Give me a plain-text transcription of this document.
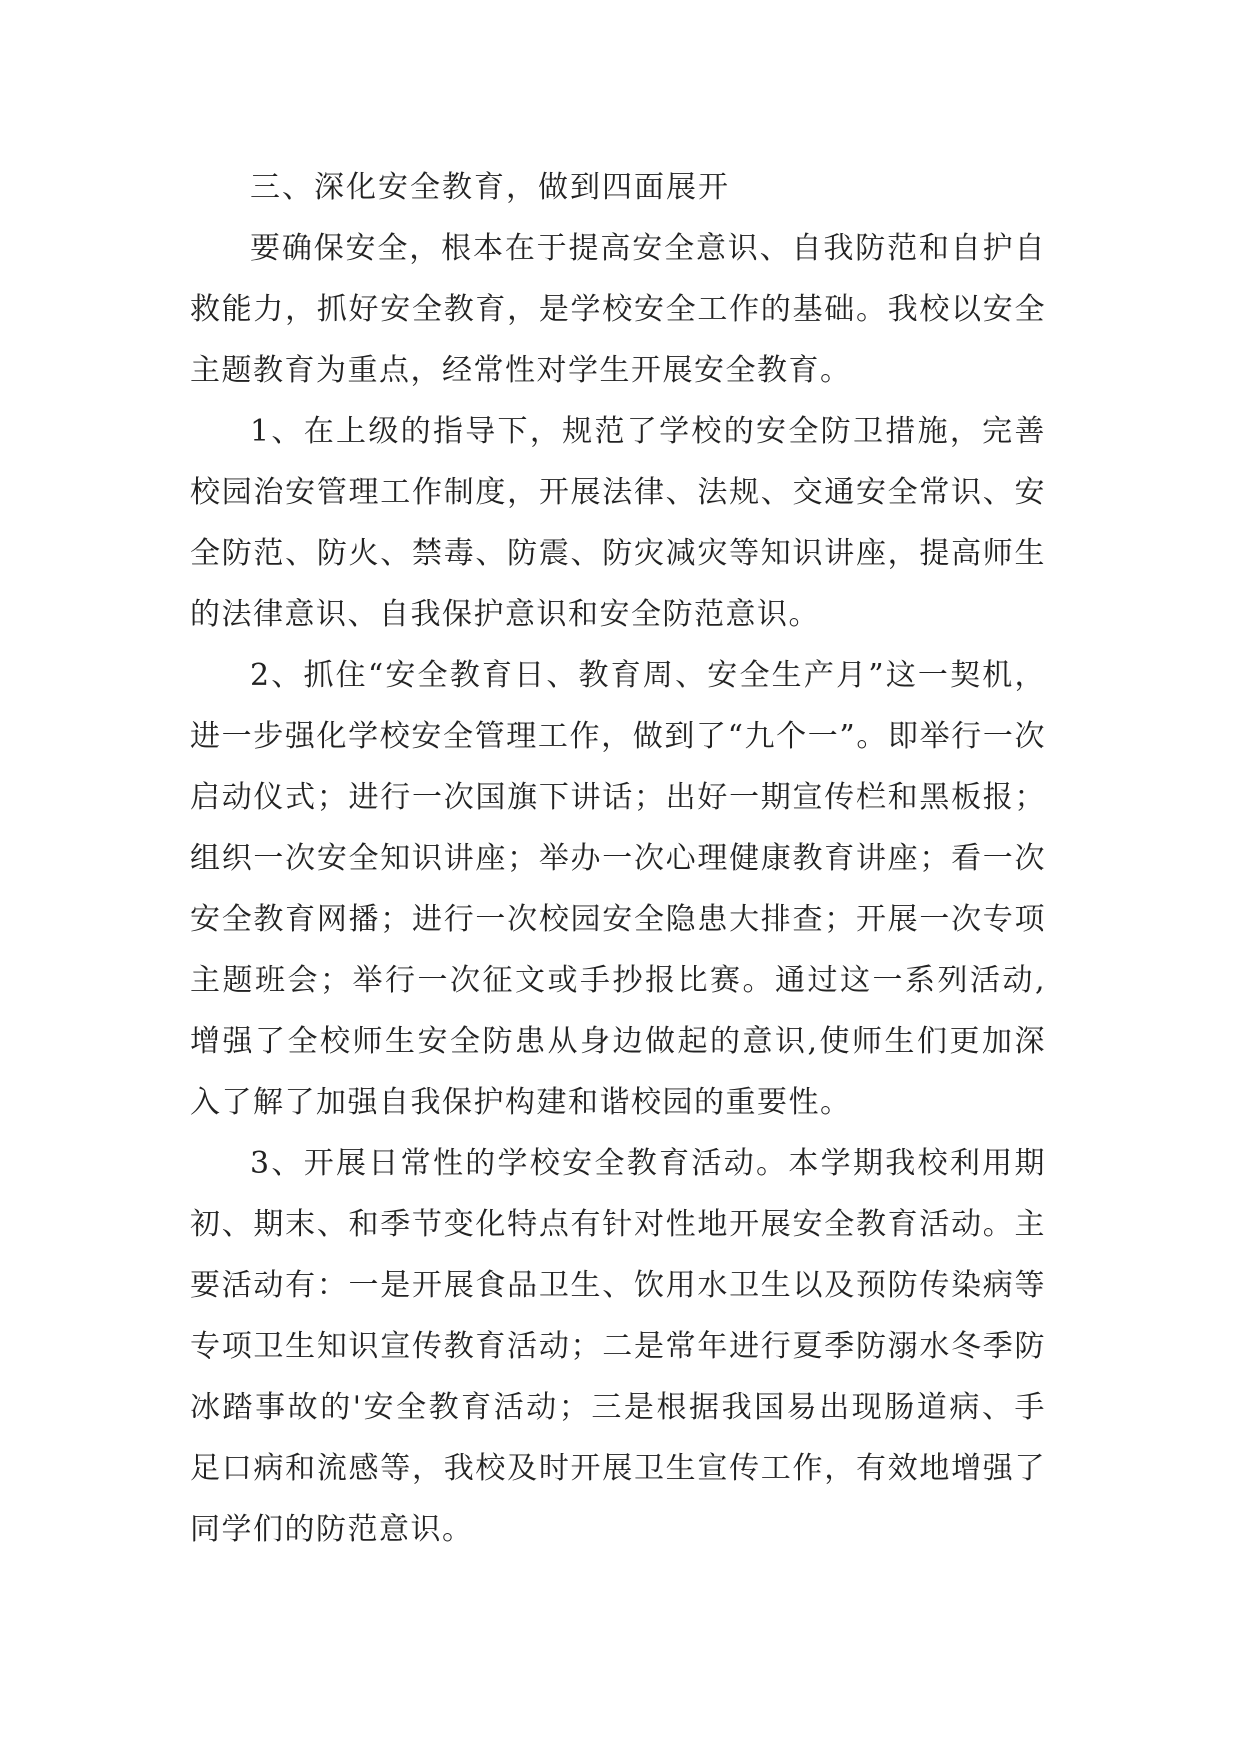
三、深化安全教育，做到四面展开

要确保安全，根本在于提高安全意识、自我防范和自护自救能力，抓好安全教育，是学校安全工作的基础。我校以安全主题教育为重点，经常性对学生开展安全教育。

1、在上级的指导下，规范了学校的安全防卫措施，完善校园治安管理工作制度，开展法律、法规、交通安全常识、安全防范、防火、禁毒、防震、防灾减灾等知识讲座，提高师生的法律意识、自我保护意识和安全防范意识。

2、抓住“安全教育日、教育周、安全生产月”这一契机，进一步强化学校安全管理工作，做到了“九个一”。即举行一次启动仪式；进行一次国旗下讲话；出好一期宣传栏和黑板报；组织一次安全知识讲座；举办一次心理健康教育讲座；看一次安全教育网播；进行一次校园安全隐患大排查；开展一次专项主题班会；举行一次征文或手抄报比赛。通过这一系列活动,增强了全校师生安全防患从身边做起的意识,使师生们更加深入了解了加强自我保护构建和谐校园的重要性。

3、开展日常性的学校安全教育活动。本学期我校利用期初、期末、和季节变化特点有针对性地开展安全教育活动。主要活动有：一是开展食品卫生、饮用水卫生以及预防传染病等专项卫生知识宣传教育活动；二是常年进行夏季防溺水冬季防冰踏事故的'安全教育活动；三是根据我国易出现肠道病、手足口病和流感等，我校及时开展卫生宣传工作，有效地增强了同学们的防范意识。
